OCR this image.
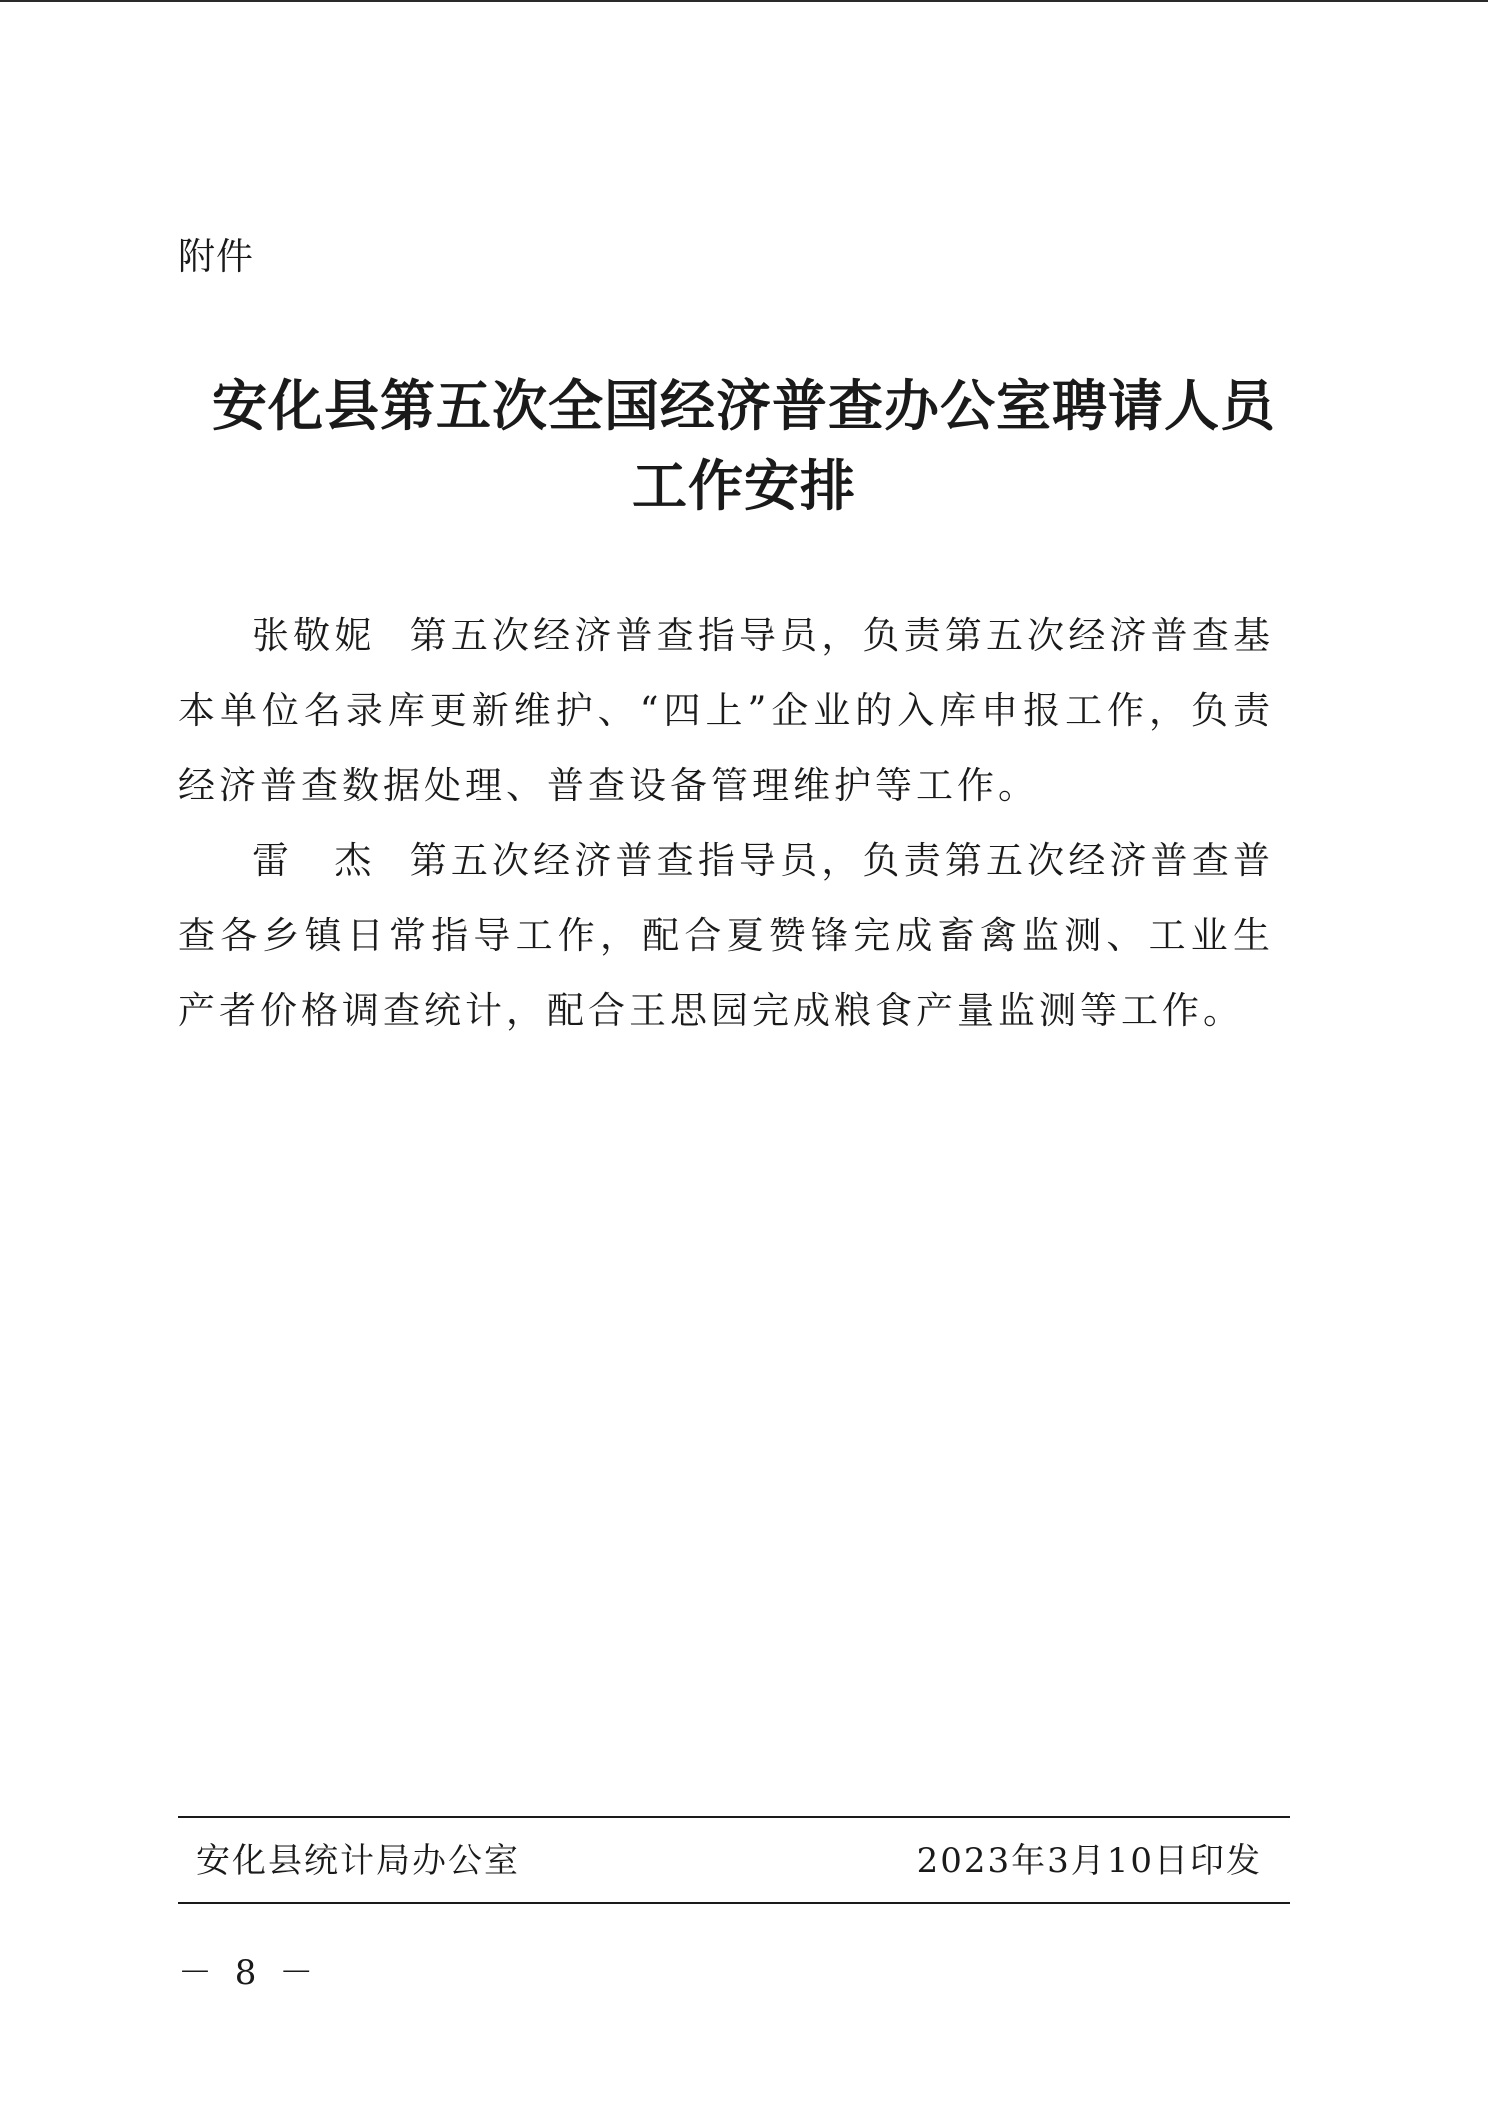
附件
安化县第五次全国经济普查办公室聘请人员
工作安排

张敬妮 第五次经济普查指导员，负责第五次经济普查基本单位名录库更新维护、“四上”企业的入库申报工作，负责经济普查数据处理、普查设备管理维护等工作。

雷　杰 第五次经济普查指导员，负责第五次经济普查普查各乡镇日常指导工作，配合夏赞锋完成畜禽监测、工业生产者价格调查统计，配合王思园完成粮食产量监测等工作。

安化县统计局办公室	2023年3月10日印发
－ 8 －
